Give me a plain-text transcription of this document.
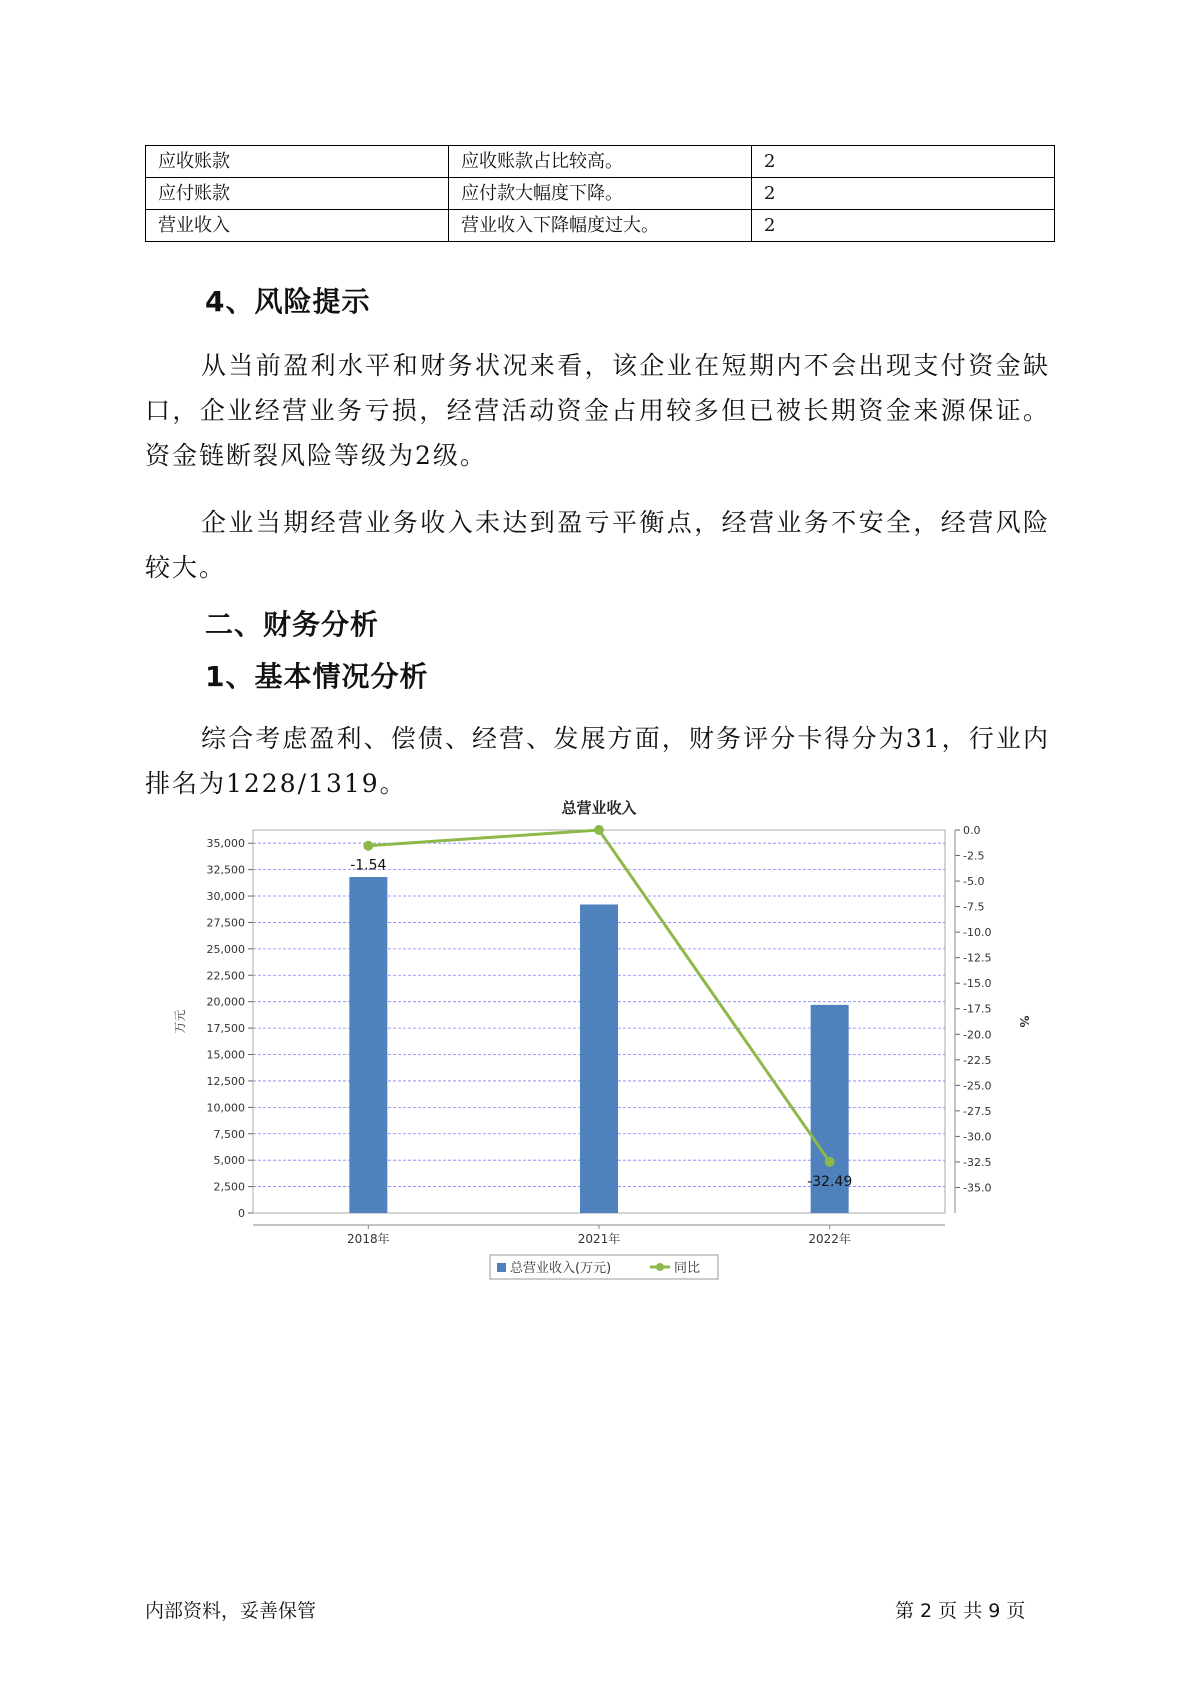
应收账款	应收账款占比较高。	2
应付账款	应付款大幅度下降。	2
营业收入	营业收入下降幅度过大。	2
4、风险提示
从当前盈利水平和财务状况来看，该企业在短期内不会出现支付资金缺口，企业经营业务亏损，经营活动资金占用较多但已被长期资金来源保证。资金链断裂风险等级为2级。
企业当期经营业务收入未达到盈亏平衡点，经营业务不安全，经营风险较大。
二、财务分析
1、基本情况分析
综合考虑盈利、偿债、经营、发展方面，财务评分卡得分为31，行业内排名为1228/1319。
总营业收入
0
2,500
5,000
7,500
10,000
12,500
15,000
17,500
20,000
22,500
25,000
27,500
30,000
32,500
35,000
0.0
-2.5
-5.0
-7.5
-10.0
-12.5
-15.0
-17.5
-20.0
-22.5
-25.0
-27.5
-30.0
-32.5
-35.0
万元	%
2018年	2021年	2022年
-1.54
-32.49
总营业收入(万元)	同比
内部资料，妥善保管	第 2 页 共 9 页
